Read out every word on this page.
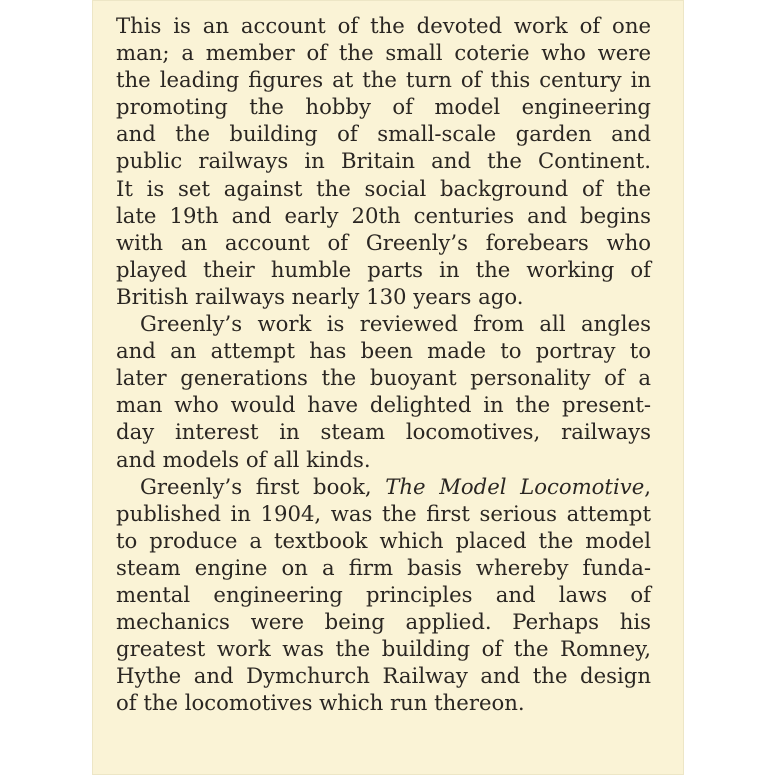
This is an account of the devoted work of one
man; a member of the small coterie who were
the leading figures at the turn of this century in
promoting the hobby of model engineering
and the building of small-scale garden and
public railways in Britain and the Continent.
It is set against the social background of the
late 19th and early 20th centuries and begins
with an account of Greenly’s forebears who
played their humble parts in the working of
British railways nearly 130 years ago.
Greenly’s work is reviewed from all angles
and an attempt has been made to portray to
later generations the buoyant personality of a
man who would have delighted in the present-
day interest in steam locomotives, railways
and models of all kinds.
Greenly’s first book, The Model Locomotive,
published in 1904, was the first serious attempt
to produce a textbook which placed the model
steam engine on a firm basis whereby funda-
mental engineering principles and laws of
mechanics were being applied. Perhaps his
greatest work was the building of the Romney,
Hythe and Dymchurch Railway and the design
of the locomotives which run thereon.
